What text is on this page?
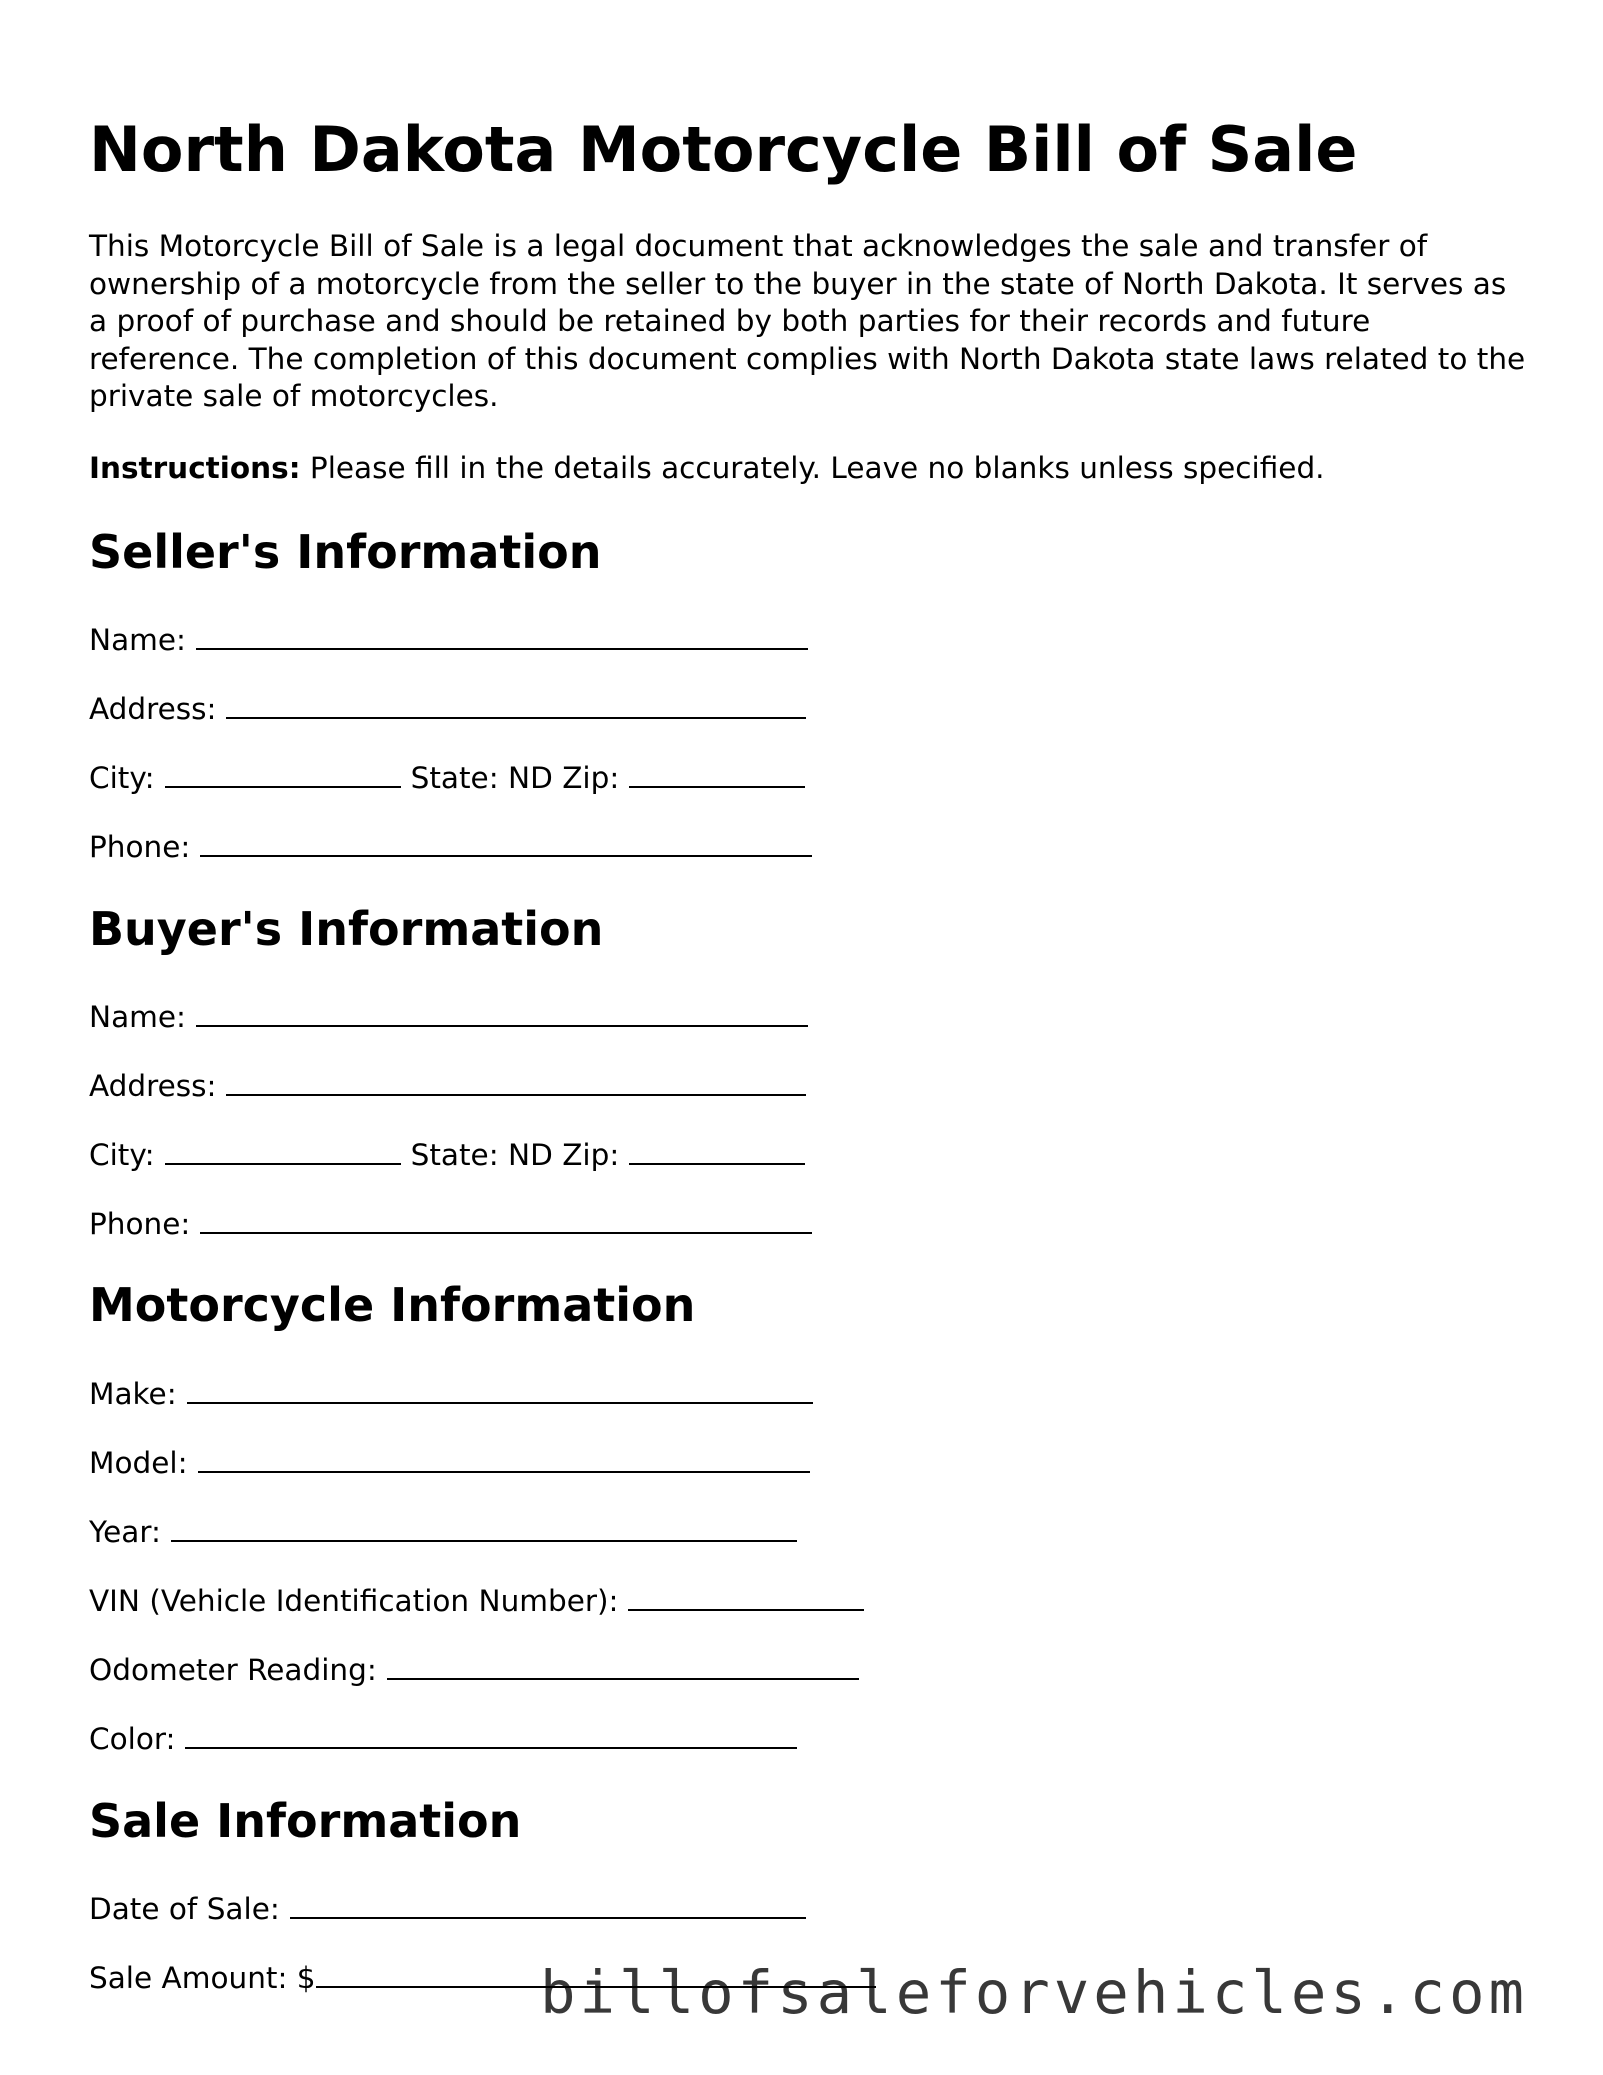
North Dakota Motorcycle Bill of Sale

This Motorcycle Bill of Sale is a legal document that acknowledges the sale and transfer of ownership of a motorcycle from the seller to the buyer in the state of North Dakota. It serves as a proof of purchase and should be retained by both parties for their records and future reference. The completion of this document complies with North Dakota state laws related to the private sale of motorcycles.

Instructions: Please fill in the details accurately. Leave no blanks unless specified.

Seller's Information
Name:
Address:
City:	State: ND Zip:
Phone:
Buyer's Information
Name:
Address:
City:	State: ND Zip:
Phone:
Motorcycle Information
Make:
Model:
Year:
VIN (Vehicle Identification Number):
Odometer Reading:
Color:
Sale Information
Date of Sale:
Sale Amount: $	billofsaleforvehicles.com
